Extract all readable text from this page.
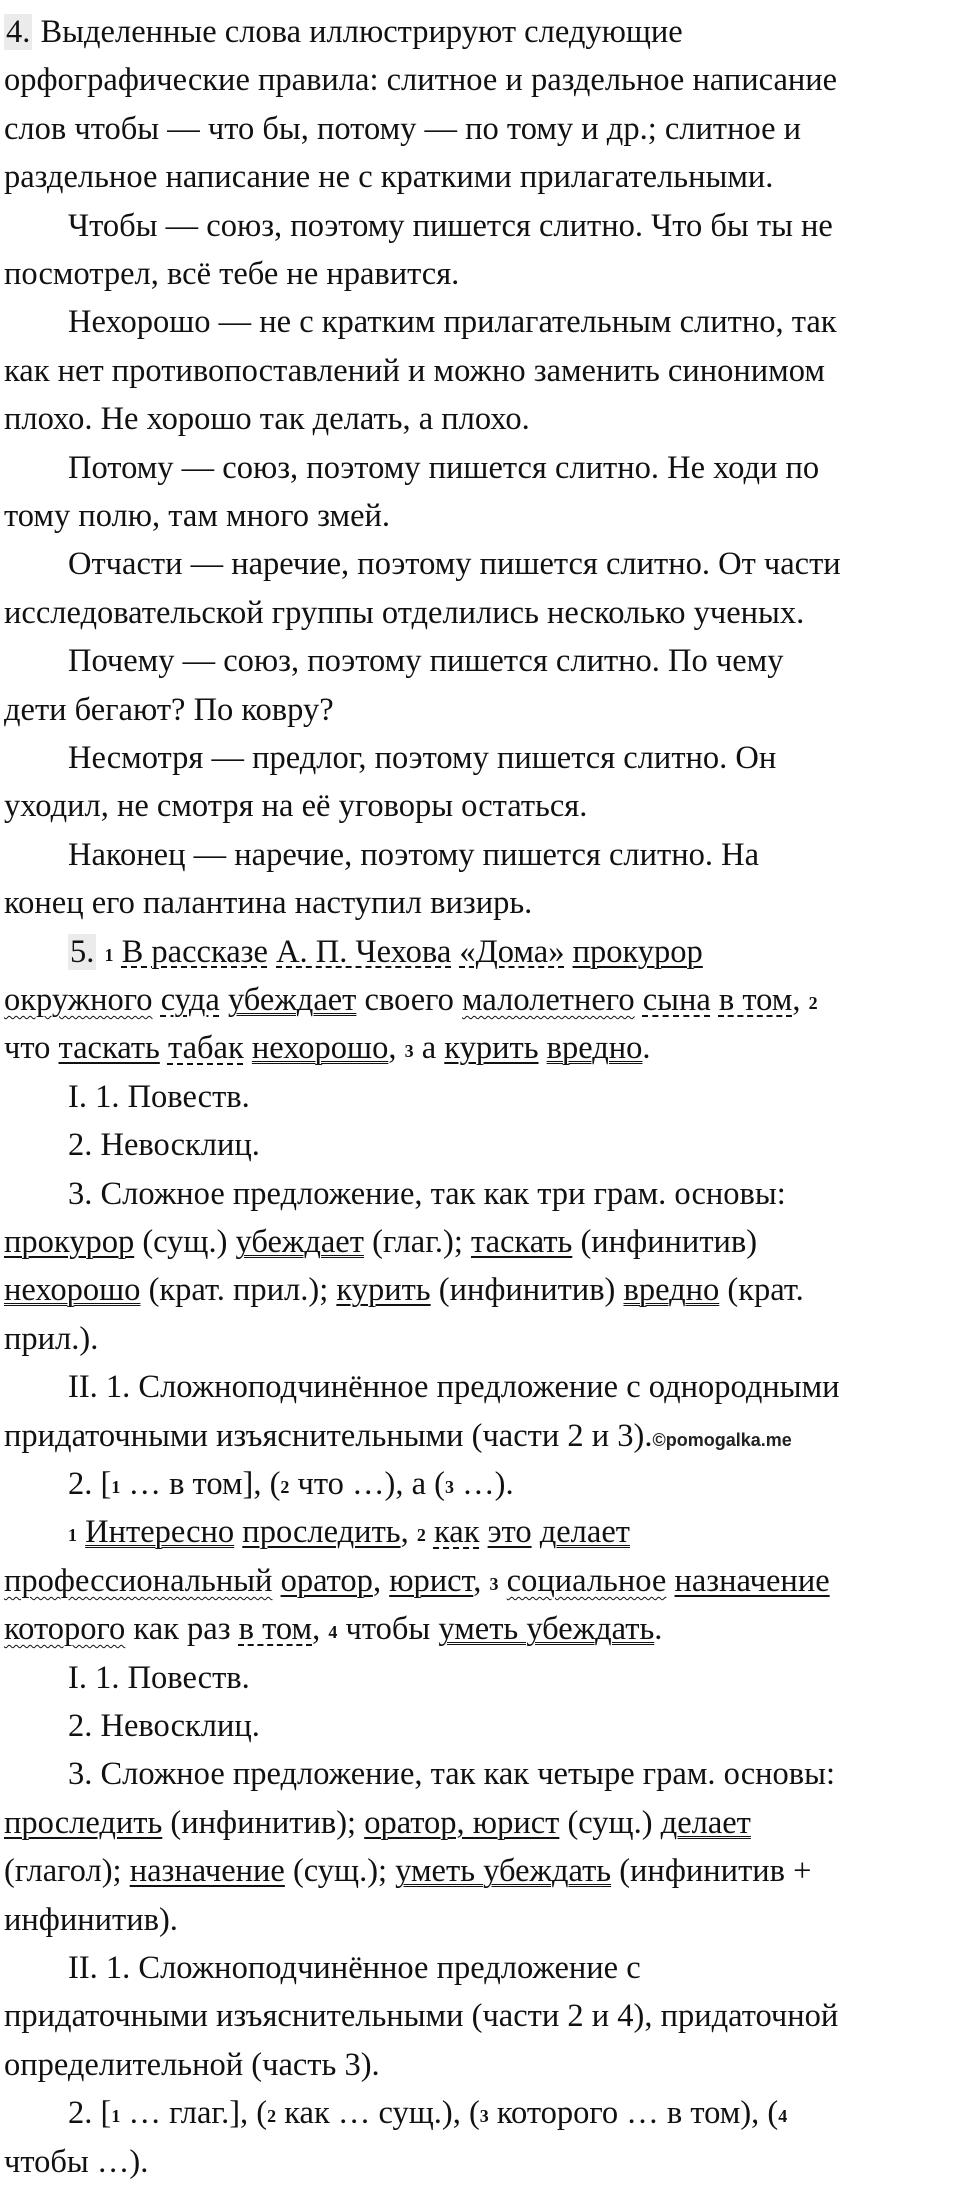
4. Выделенные слова иллюстрируют следующие
орфографические правила: слитное и раздельное написание
слов чтобы — что бы, потому — по тому и др.; слитное и
раздельное написание не с краткими прилагательными.
Чтобы — союз, поэтому пишется слитно. Что бы ты не
посмотрел, всё тебе не нравится.
Нехорошо — не с кратким прилагательным слитно, так
как нет противопоставлений и можно заменить синонимом
плохо. Не хорошо так делать, а плохо.
Потому — союз, поэтому пишется слитно. Не ходи по
тому полю, там много змей.
Отчасти — наречие, поэтому пишется слитно. От части
исследовательской группы отделились несколько ученых.
Почему — союз, поэтому пишется слитно. По чему
дети бегают? По ковру?
Несмотря — предлог, поэтому пишется слитно. Он
уходил, не смотря на её уговоры остаться.
Наконец — наречие, поэтому пишется слитно. На
конец его палантина наступил визирь.
5. 1 В рассказе А. П. Чехова «Дома» прокурор
окружного суда убеждает своего малолетнего сына в том, 2
что таскать табак нехорошо, 3 а курить вредно.
I. 1. Повеств.
2. Невосклиц.
3. Сложное предложение, так как три грам. основы:
прокурор (сущ.) убеждает (глаг.); таскать (инфинитив)
нехорошо (крат. прил.); курить (инфинитив) вредно (крат.
прил.).
II. 1. Сложноподчинённое предложение с однородными
придаточными изъяснительными (части 2 и 3).©pomogalka.me
2. [1 … в том], (2 что …), а (3 …).
1 Интересно проследить, 2 как это делает
профессиональный оратор, юрист, 3 социальное назначение
которого как раз в том, 4 чтобы уметь убеждать.
I. 1. Повеств.
2. Невосклиц.
3. Сложное предложение, так как четыре грам. основы:
проследить (инфинитив); оратор, юрист (сущ.) делает
(глагол); назначение (сущ.); уметь убеждать (инфинитив +
инфинитив).
II. 1. Сложноподчинённое предложение с
придаточными изъяснительными (части 2 и 4), придаточной
определительной (часть 3).
2. [1 … глаг.], (2 как … сущ.), (3 которого … в том), (4
чтобы …).
